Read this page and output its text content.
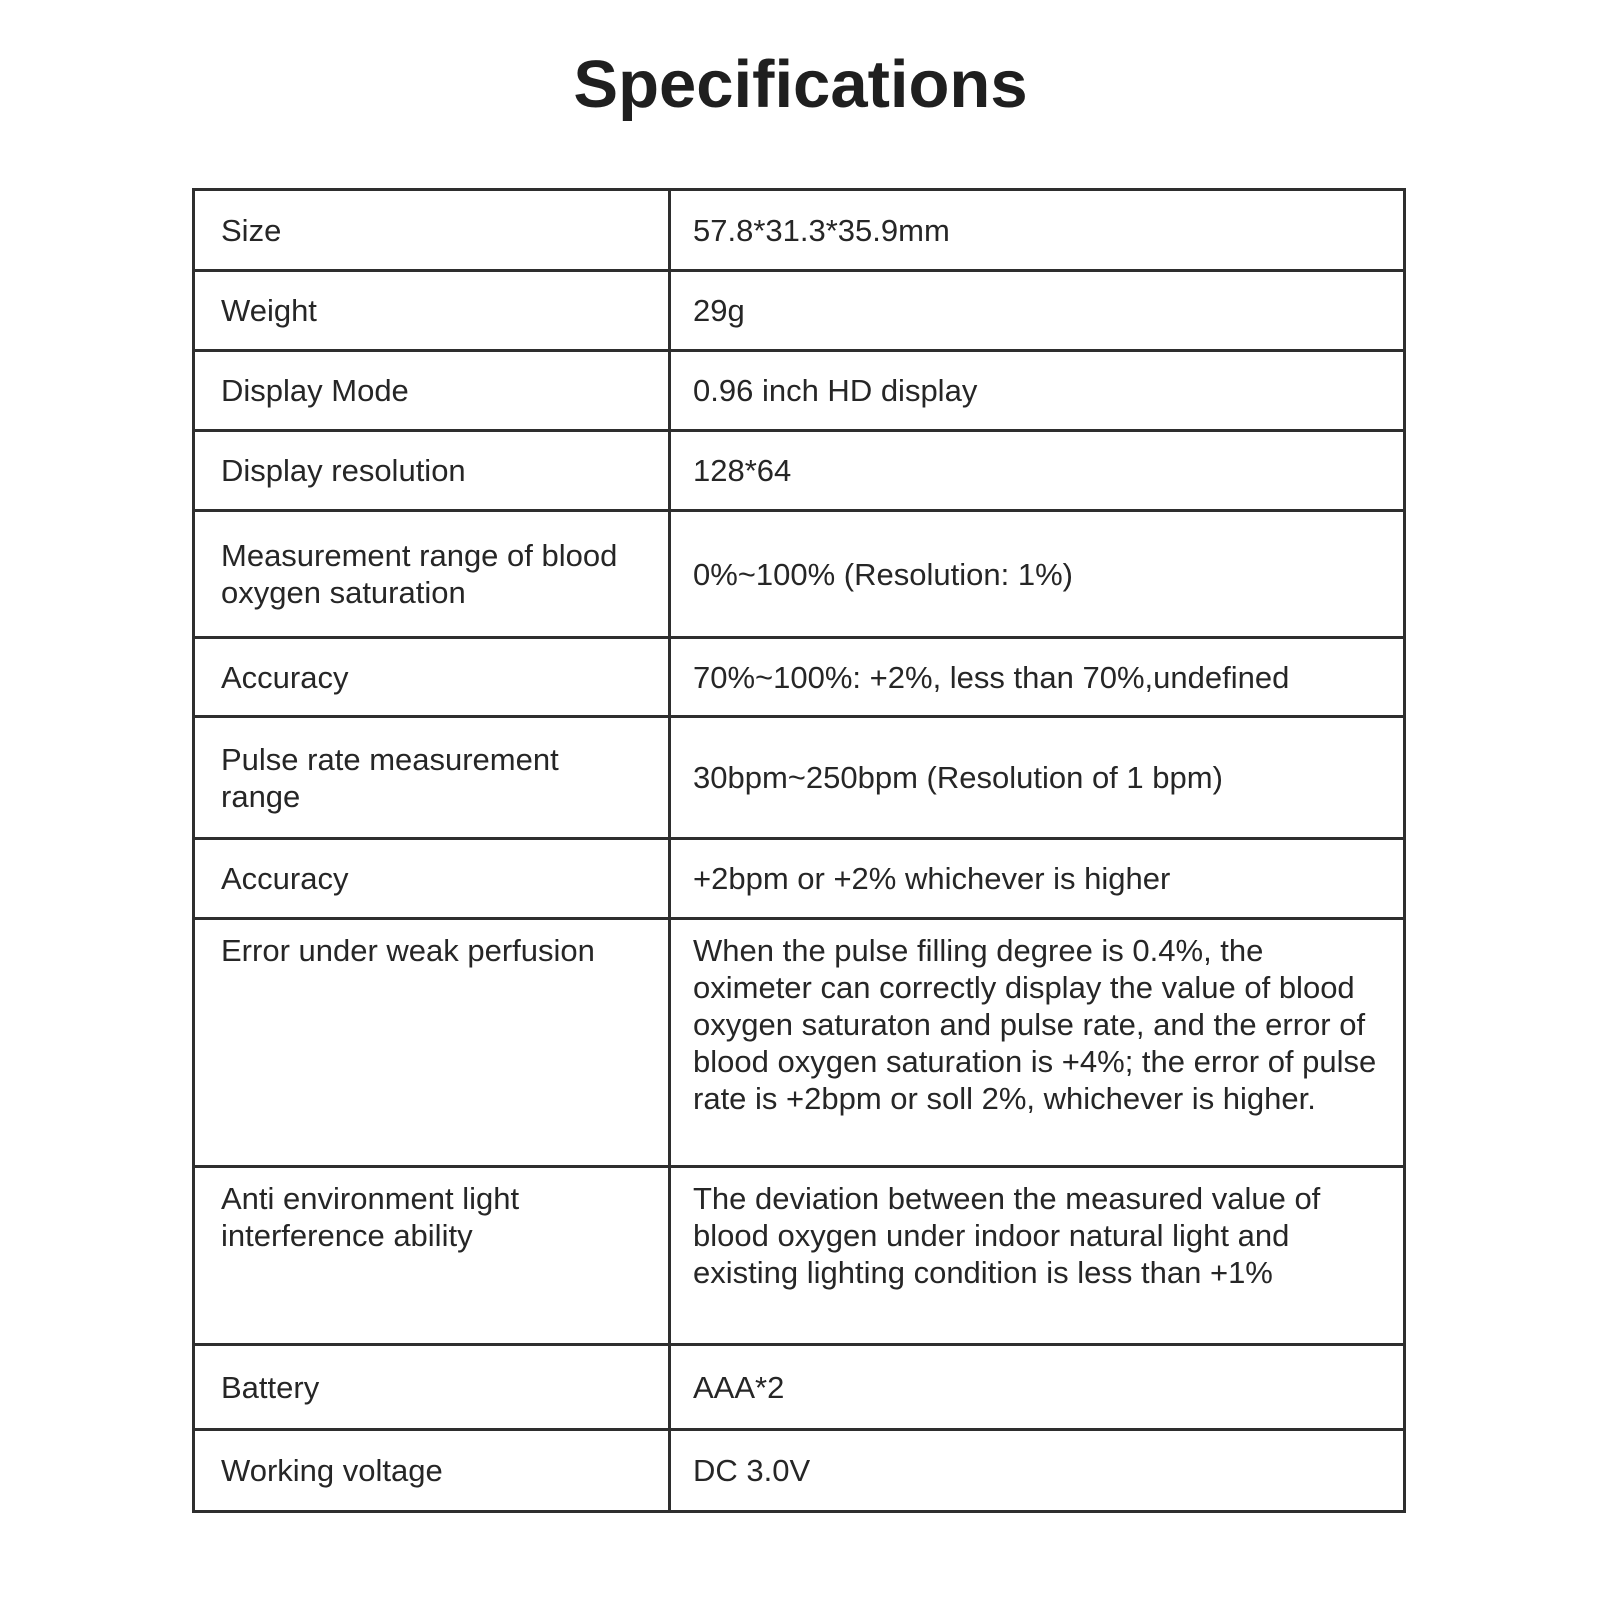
Specifications
Size	57.8*31.3*35.9mm
Weight	29g
Display Mode	0.96 inch HD display
Display resolution	128*64
Measurement range of blood oxygen saturation	0%~100% (Resolution: 1%)
Accuracy	70%~100%: +2%, less than 70%,undefined
Pulse rate measurement range	30bpm~250bpm (Resolution of 1 bpm)
Accuracy	+2bpm or +2% whichever is higher
Error under weak perfusion	When the pulse filling degree is 0.4%, the oximeter can correctly display the value of blood oxygen saturaton and pulse rate, and the error of blood oxygen saturation is +4%; the error of pulse rate is +2bpm or soll 2%, whichever is higher.
Anti environment light interference ability	The deviation between the measured value of blood oxygen under indoor natural light and existing lighting condition is less than +1%
Battery	AAA*2
Working voltage	DC 3.0V
